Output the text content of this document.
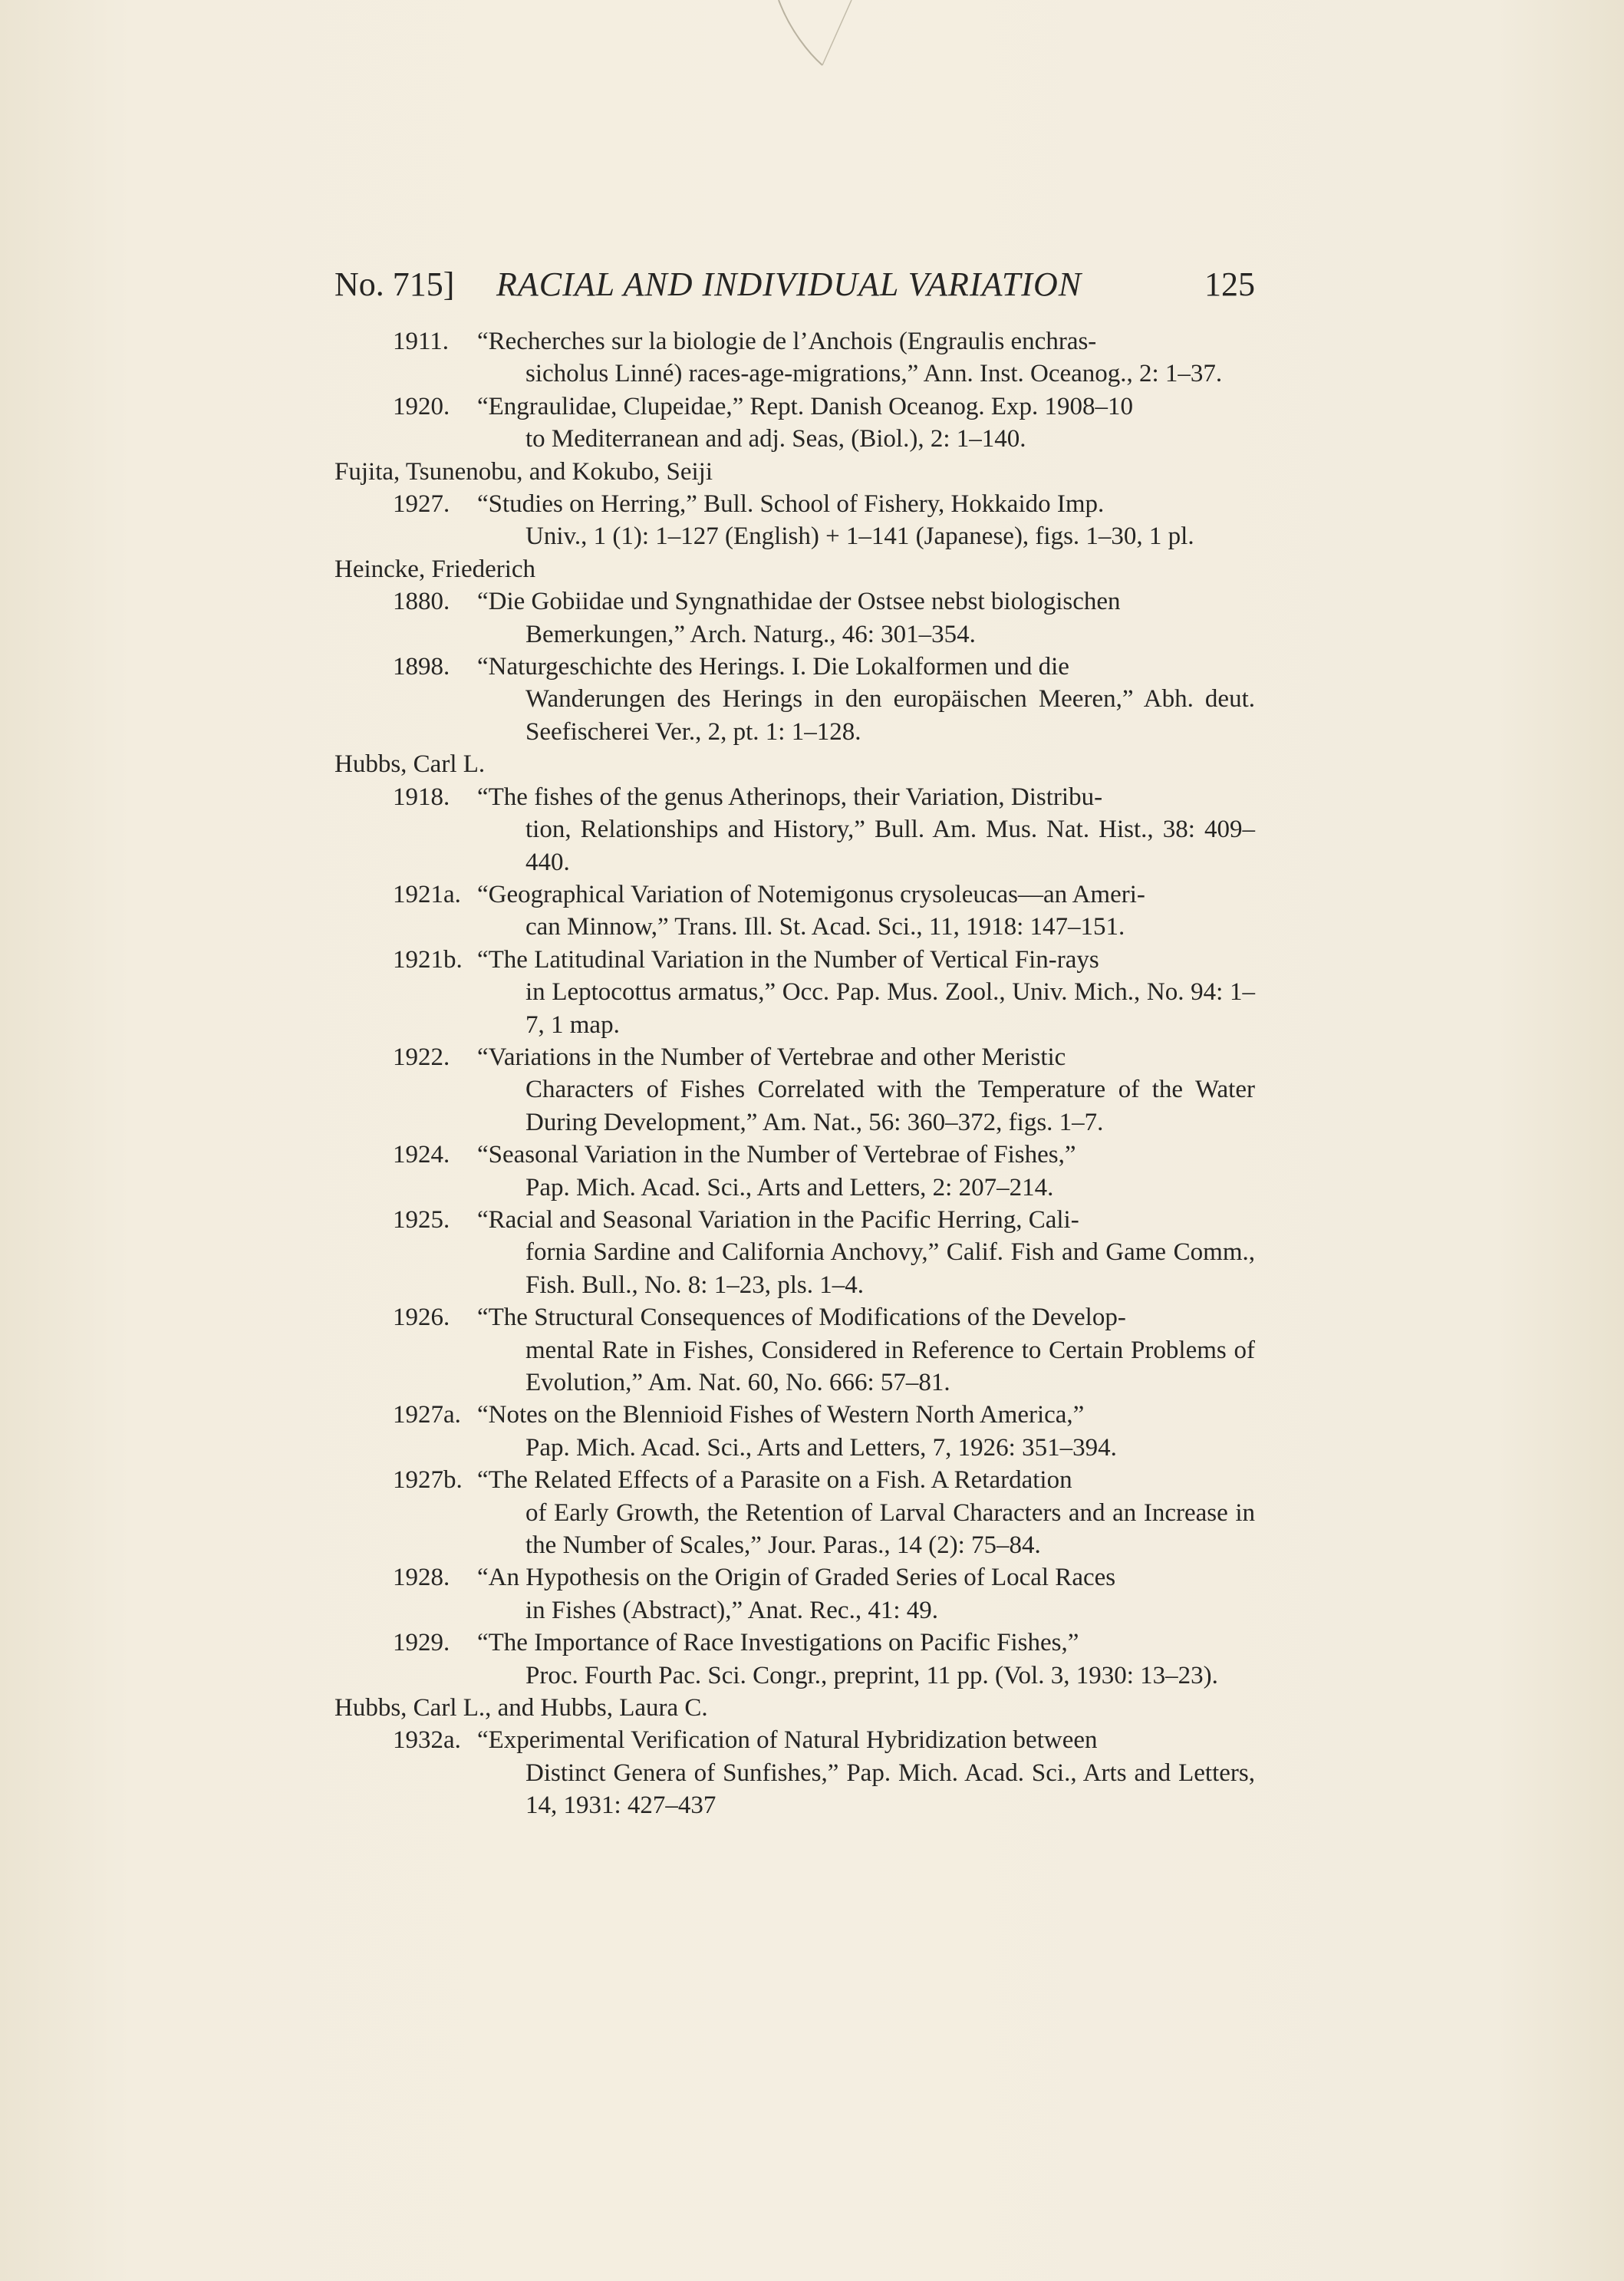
No. 715] RACIAL AND INDIVIDUAL VARIATION	125
1911. “Recherches sur la biologie de l’Anchois (Engraulis enchras-
sicholus Linné) races-age-migrations,” Ann. Inst. Oceanog., 2: 1–37.
1920. “Engraulidae, Clupeidae,” Rept. Danish Oceanog. Exp. 1908–10
to Mediterranean and adj. Seas, (Biol.), 2: 1–140.
Fujita, Tsunenobu, and Kokubo, Seiji
1927. “Studies on Herring,” Bull. School of Fishery, Hokkaido Imp.
Univ., 1 (1): 1–127 (English) + 1–141 (Japanese), figs. 1–30, 1 pl.
Heincke, Friederich
1880. “Die Gobiidae und Syngnathidae der Ostsee nebst biologischen
Bemerkungen,” Arch. Naturg., 46: 301–354.
1898. “Naturgeschichte des Herings. I. Die Lokalformen und die
Wanderungen des Herings in den europäischen Meeren,” Abh. deut. Seefischerei Ver., 2, pt. 1: 1–128.
Hubbs, Carl L.
1918. “The fishes of the genus Atherinops, their Variation, Distribu-
tion, Relationships and History,” Bull. Am. Mus. Nat. Hist., 38: 409–440.
1921a. “Geographical Variation of Notemigonus crysoleucas—an Ameri-
can Minnow,” Trans. Ill. St. Acad. Sci., 11, 1918: 147–151.
1921b. “The Latitudinal Variation in the Number of Vertical Fin-rays
in Leptocottus armatus,” Occ. Pap. Mus. Zool., Univ. Mich., No. 94: 1–7, 1 map.
1922. “Variations in the Number of Vertebrae and other Meristic
Characters of Fishes Correlated with the Temperature of the Water During Development,” Am. Nat., 56: 360–372, figs. 1–7.
1924. “Seasonal Variation in the Number of Vertebrae of Fishes,”
Pap. Mich. Acad. Sci., Arts and Letters, 2: 207–214.
1925. “Racial and Seasonal Variation in the Pacific Herring, Cali-
fornia Sardine and California Anchovy,” Calif. Fish and Game Comm., Fish. Bull., No. 8: 1–23, pls. 1–4.
1926. “The Structural Consequences of Modifications of the Develop-
mental Rate in Fishes, Considered in Reference to Certain Problems of Evolution,” Am. Nat. 60, No. 666: 57–81.
1927a. “Notes on the Blennioid Fishes of Western North America,”
Pap. Mich. Acad. Sci., Arts and Letters, 7, 1926: 351–394.
1927b. “The Related Effects of a Parasite on a Fish. A Retardation
of Early Growth, the Retention of Larval Characters and an Increase in the Number of Scales,” Jour. Paras., 14 (2): 75–84.
1928. “An Hypothesis on the Origin of Graded Series of Local Races
in Fishes (Abstract),” Anat. Rec., 41: 49.
1929. “The Importance of Race Investigations on Pacific Fishes,”
Proc. Fourth Pac. Sci. Congr., preprint, 11 pp. (Vol. 3, 1930: 13–23).
Hubbs, Carl L., and Hubbs, Laura C.
1932a. “Experimental Verification of Natural Hybridization between
Distinct Genera of Sunfishes,” Pap. Mich. Acad. Sci., Arts and Letters, 14, 1931: 427–437
